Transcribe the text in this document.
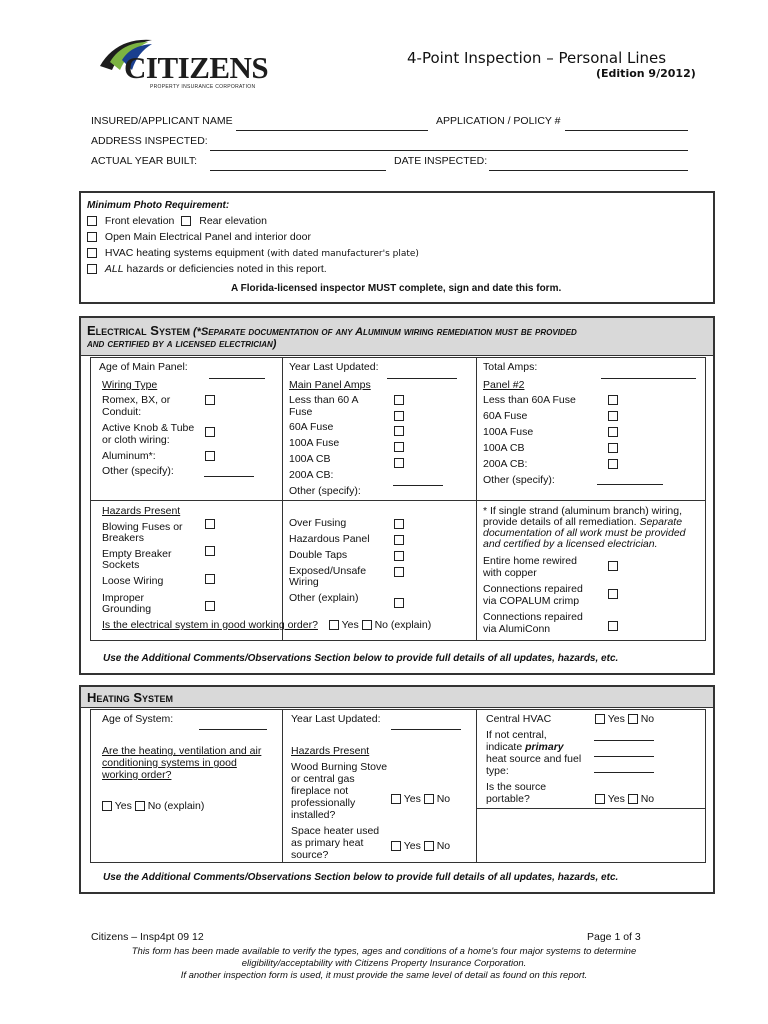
CITIZENS
PROPERTY INSURANCE CORPORATION
4-Point Inspection – Personal Lines
(Edition 9/2012)
INSURED/APPLICANT NAME	APPLICATION / POLICY #
ADDRESS INSPECTED:
ACTUAL YEAR BUILT:	DATE INSPECTED:
Minimum Photo Requirement:
Front elevation Rear elevation
Open Main Electrical Panel and interior door
HVAC heating systems equipment (with dated manufacturer's plate)
ALL hazards or deficiencies noted in this report.
A Florida-licensed inspector MUST complete, sign and date this form.
Electrical System (*Separate documentation of any Aluminum wiring remediation must be provided
and certified by a licensed electrician)
Age of Main Panel:
Wiring Type
Romex, BX, or
Conduit:
Active Knob & Tube
or cloth wiring:
Aluminum*:
Other (specify):
Year Last Updated:
Main Panel Amps
Less than 60 A
Fuse
60A Fuse
100A Fuse
100A CB
200A CB:
Other (specify):
Total Amps:
Panel #2
Less than 60A Fuse
60A Fuse
100A Fuse
100A CB
200A CB:
Other (specify):
Hazards Present
Blowing Fuses or
Breakers
Empty Breaker
Sockets
Loose Wiring
Improper
Grounding
Over Fusing
Hazardous Panel
Double Taps
Exposed/Unsafe
Wiring
Other (explain)
Is the electrical system in good working order? Yes No (explain)
* If single strand (aluminum branch) wiring,
provide details of all remediation. Separate
documentation of all work must be provided
and certified by a licensed electrician.
Entire home rewired
with copper
Connections repaired
via COPALUM crimp
Connections repaired
via AlumiConn
Use the Additional Comments/Observations Section below to provide full details of all updates, hazards, etc.
Heating System
Age of System:
Are the heating, ventilation and air
conditioning systems in good
working order?
Yes No (explain)
Year Last Updated:
Hazards Present
Wood Burning Stove
or central gas
fireplace not
professionally
installed?
Yes No
Space heater used
as primary heat
source?
Yes No
Central HVAC	Yes No
If not central,
indicate primary
heat source and fuel
type:
Is the source
portable?	Yes No
Use the Additional Comments/Observations Section below to provide full details of all updates, hazards, etc.
Citizens – Insp4pt 09 12	Page 1 of 3
This form has been made available to verify the types, ages and conditions of a home's four major systems to determine
eligibility/acceptability with Citizens Property Insurance Corporation.
If another inspection form is used, it must provide the same level of detail as found on this report.
